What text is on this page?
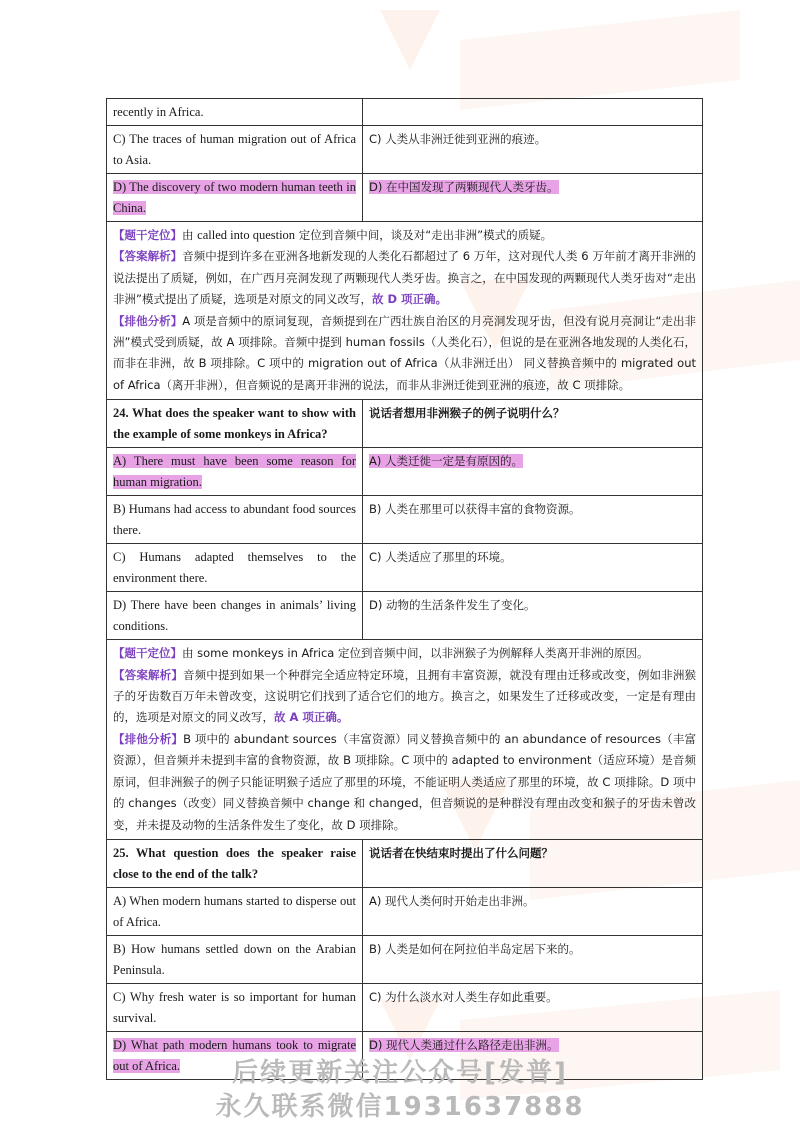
recently in Africa.
C) The traces of human migration out of Africa to Asia.
C) 人类从非洲迁徙到亚洲的痕迹。
D) The discovery of two modern human teeth in China.
D) 在中国发现了两颗现代人类牙齿。

【题干定位】由 called into question 定位到音频中间，谈及对“走出非洲”模式的质疑。

【答案解析】音频中提到许多在亚洲各地新发现的人类化石都超过了 6 万年，这对现代人类 6 万年前才离开非洲的说法提出了质疑，例如，在广西月亮洞发现了两颗现代人类牙齿。换言之，在中国发现的两颗现代人类牙齿对“走出非洲”模式提出了质疑，选项是对原文的同义改写，故 D 项正确。

【排他分析】A 项是音频中的原词复现，音频提到在广西壮族自治区的月亮洞发现牙齿，但没有说月亮洞让“走出非洲”模式受到质疑，故 A 项排除。音频中提到 human fossils（人类化石），但说的是在亚洲各地发现的人类化石，而非在非洲，故 B 项排除。C 项中的 migration out of Africa（从非洲迁出） 同义替换音频中的 migrated out of Africa（离开非洲），但音频说的是离开非洲的说法，而非从非洲迁徙到亚洲的痕迹，故 C 项排除。

24. What does the speaker want to show with the example of some monkeys in Africa?
说话者想用非洲猴子的例子说明什么？
A) There must have been some reason for human migration.
A) 人类迁徙一定是有原因的。
B) Humans had access to abundant food sources there.
B) 人类在那里可以获得丰富的食物资源。
C) Humans adapted themselves to the environment there.
C) 人类适应了那里的环境。
D) There have been changes in animals’ living conditions.
D) 动物的生活条件发生了变化。

【题干定位】由 some monkeys in Africa 定位到音频中间，以非洲猴子为例解释人类离开非洲的原因。

【答案解析】音频中提到如果一个种群完全适应特定环境，且拥有丰富资源，就没有理由迁移或改变，例如非洲猴子的牙齿数百万年未曾改变，这说明它们找到了适合它们的地方。换言之，如果发生了迁移或改变，一定是有理由的，选项是对原文的同义改写，故 A 项正确。

【排他分析】B 项中的 abundant sources（丰富资源）同义替换音频中的 an abundance of resources（丰富资源），但音频并未提到丰富的食物资源，故 B 项排除。C 项中的 adapted to environment（适应环境）是音频原词，但非洲猴子的例子只能证明猴子适应了那里的环境，不能证明人类适应了那里的环境，故 C 项排除。D 项中的 changes（改变）同义替换音频中 change 和 changed，但音频说的是种群没有理由改变和猴子的牙齿未曾改变，并未提及动物的生活条件发生了变化，故 D 项排除。

25. What question does the speaker raise close to the end of the talk?
说话者在快结束时提出了什么问题？
A) When modern humans started to disperse out of Africa.
A) 现代人类何时开始走出非洲。
B) How humans settled down on the Arabian Peninsula.
B) 人类是如何在阿拉伯半岛定居下来的。
C) Why fresh water is so important for human survival.
C) 为什么淡水对人类生存如此重要。
D) What path modern humans took to migrate out of Africa.
D) 现代人类通过什么路径走出非洲。
后续更新关注公众号[发普]
永久联系微信1931637888
